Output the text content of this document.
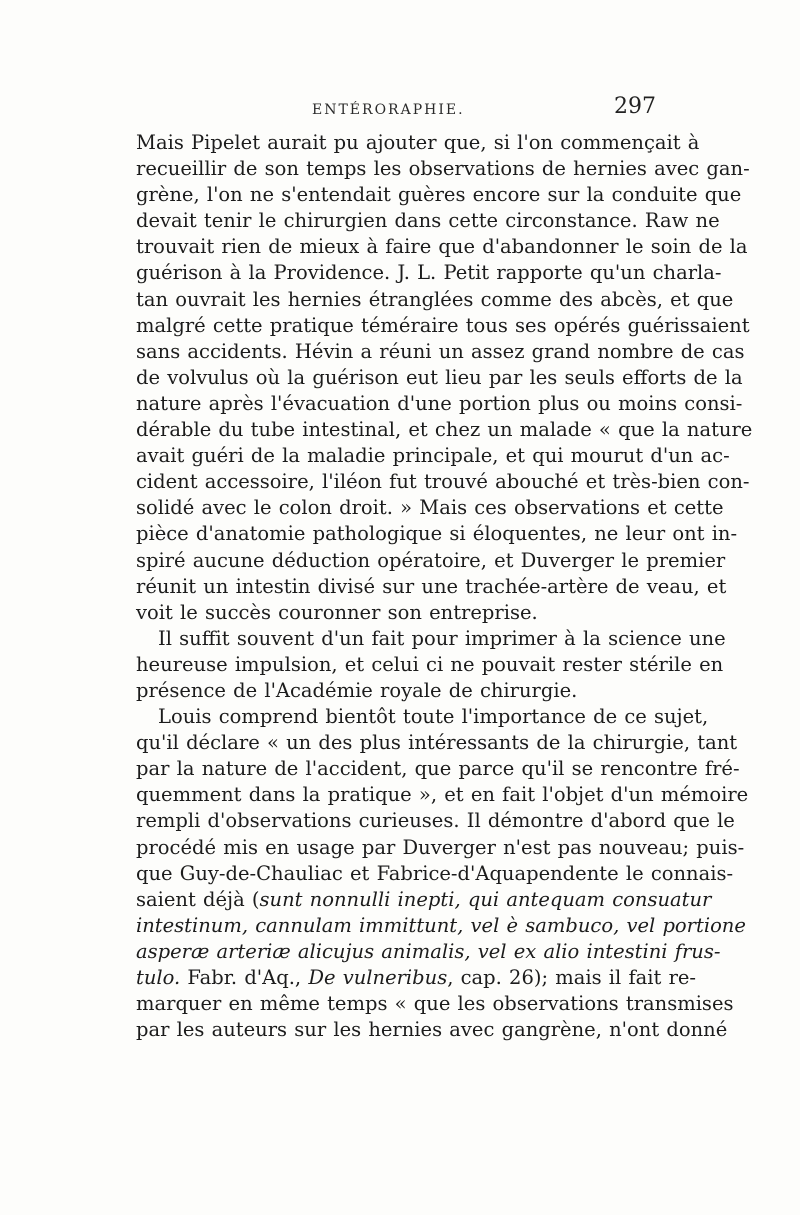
ENTÉRORAPHIE.	297
Mais Pipelet aurait pu ajouter que, si l'on commençait à
recueillir de son temps les observations de hernies avec gan-
grène, l'on ne s'entendait guères encore sur la conduite que
devait tenir le chirurgien dans cette circonstance. Raw ne
trouvait rien de mieux à faire que d'abandonner le soin de la
guérison à la Providence. J. L. Petit rapporte qu'un charla-
tan ouvrait les hernies étranglées comme des abcès, et que
malgré cette pratique téméraire tous ses opérés guérissaient
sans accidents. Hévin a réuni un assez grand nombre de cas
de volvulus où la guérison eut lieu par les seuls efforts de la
nature après l'évacuation d'une portion plus ou moins consi-
dérable du tube intestinal, et chez un malade « que la nature
avait guéri de la maladie principale, et qui mourut d'un ac-
cident accessoire, l'iléon fut trouvé abouché et très-bien con-
solidé avec le colon droit. » Mais ces observations et cette
pièce d'anatomie pathologique si éloquentes, ne leur ont in-
spiré aucune déduction opératoire, et Duverger le premier
réunit un intestin divisé sur une trachée-artère de veau, et
voit le succès couronner son entreprise.
Il suffit souvent d'un fait pour imprimer à la science une
heureuse impulsion, et celui ci ne pouvait rester stérile en
présence de l'Académie royale de chirurgie.
Louis comprend bientôt toute l'importance de ce sujet,
qu'il déclare « un des plus intéressants de la chirurgie, tant
par la nature de l'accident, que parce qu'il se rencontre fré-
quemment dans la pratique », et en fait l'objet d'un mémoire
rempli d'observations curieuses. Il démontre d'abord que le
procédé mis en usage par Duverger n'est pas nouveau; puis-
que Guy-de-Chauliac et Fabrice-d'Aquapendente le connais-
saient déjà (sunt nonnulli inepti, qui antequam consuatur
intestinum, cannulam immittunt, vel è sambuco, vel portione
asperæ arteriæ alicujus animalis, vel ex alio intestini frus-
tulo. Fabr. d'Aq., De vulneribus, cap. 26); mais il fait re-
marquer en même temps « que les observations transmises
par les auteurs sur les hernies avec gangrène, n'ont donné
